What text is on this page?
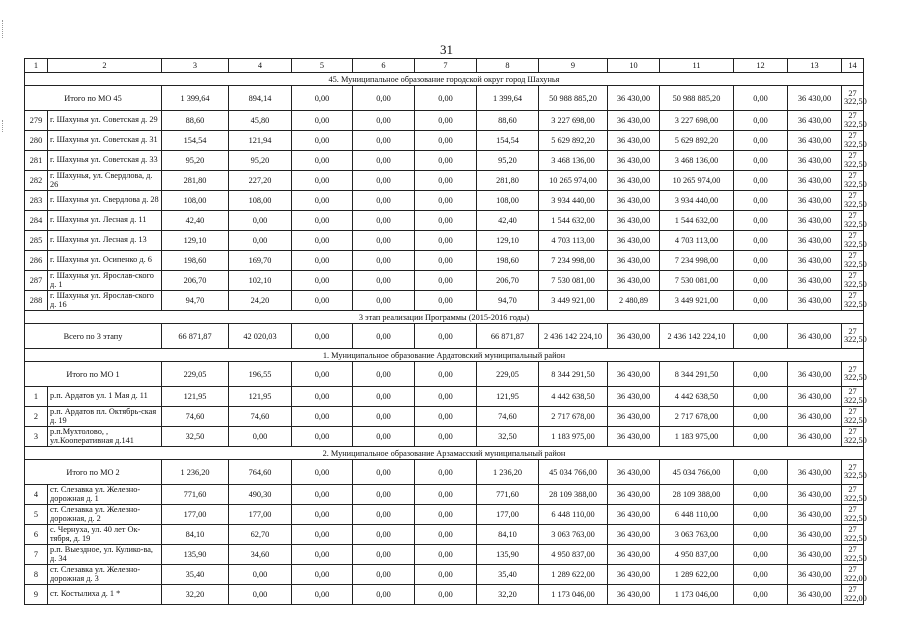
31
1	2	3	4	5	6	7	8	9	10	11	12	13	14
45. Муниципальное образование городской округ город Шахунья													
Итого по МО 45		1 399,64	894,14	0,00	0,00	0,00	1 399,64	50 988 885,20	36 430,00	50 988 885,20	0,00	36 430,00	27 322,50
279	г. Шахунья ул. Советская д. 29	88,60	45,80	0,00	0,00	0,00	88,60	3 227 698,00	36 430,00	3 227 698,00	0,00	36 430,00	27 322,50
280	г. Шахунья ул. Советская д. 31	154,54	121,94	0,00	0,00	0,00	154,54	5 629 892,20	36 430,00	5 629 892,20	0,00	36 430,00	27 322,50
281	г. Шахунья ул. Советская д. 33	95,20	95,20	0,00	0,00	0,00	95,20	3 468 136,00	36 430,00	3 468 136,00	0,00	36 430,00	27 322,50
282	г. Шахунья, ул. Свердлова, д. 26	281,80	227,20	0,00	0,00	0,00	281,80	10 265 974,00	36 430,00	10 265 974,00	0,00	36 430,00	27 322,50
283	г. Шахунья ул. Свердлова д. 28	108,00	108,00	0,00	0,00	0,00	108,00	3 934 440,00	36 430,00	3 934 440,00	0,00	36 430,00	27 322,50
284	г. Шахунья ул. Лесная д. 11	42,40	0,00	0,00	0,00	0,00	42,40	1 544 632,00	36 430,00	1 544 632,00	0,00	36 430,00	27 322,50
285	г. Шахунья ул. Лесная д. 13	129,10	0,00	0,00	0,00	0,00	129,10	4 703 113,00	36 430,00	4 703 113,00	0,00	36 430,00	27 322,50
286	г. Шахунья ул. Осипенко д. 6	198,60	169,70	0,00	0,00	0,00	198,60	7 234 998,00	36 430,00	7 234 998,00	0,00	36 430,00	27 322,50
287	г. Шахунья ул. Ярослав-ского д. 1	206,70	102,10	0,00	0,00	0,00	206,70	7 530 081,00	36 430,00	7 530 081,00	0,00	36 430,00	27 322,50
288	г. Шахунья ул. Ярослав-ского д. 16	94,70	24,20	0,00	0,00	0,00	94,70	3 449 921,00	2 480,89	3 449 921,00	0,00	36 430,00	27 322,50
3 этап реализации Программы (2015-2016 годы)													
Всего по 3 этапу		66 871,87	42 020,03	0,00	0,00	0,00	66 871,87	2 436 142 224,10	36 430,00	2 436 142 224,10	0,00	36 430,00	27 322,50
1. Муниципальное образование Ардатовский муниципальный район													
Итого по МО 1		229,05	196,55	0,00	0,00	0,00	229,05	8 344 291,50	36 430,00	8 344 291,50	0,00	36 430,00	27 322,50
1	р.п. Ардатов ул. 1 Мая д. 11	121,95	121,95	0,00	0,00	0,00	121,95	4 442 638,50	36 430,00	4 442 638,50	0,00	36 430,00	27 322,50
2	р.п. Ардатов пл. Октябрь-ская д. 19	74,60	74,60	0,00	0,00	0,00	74,60	2 717 678,00	36 430,00	2 717 678,00	0,00	36 430,00	27 322,50
3	р.п.Мухтолово, , ул.Кооперативная д.141	32,50	0,00	0,00	0,00	0,00	32,50	1 183 975,00	36 430,00	1 183 975,00	0,00	36 430,00	27 322,50
2. Муниципальное образование Арзамасский муниципальный район													
Итого по МО 2		1 236,20	764,60	0,00	0,00	0,00	1 236,20	45 034 766,00	36 430,00	45 034 766,00	0,00	36 430,00	27 322,50
4	ст. Слезавка ул. Железно-дорожная д. 1	771,60	490,30	0,00	0,00	0,00	771,60	28 109 388,00	36 430,00	28 109 388,00	0,00	36 430,00	27 322,50
5	ст. Слезавка ул. Железно-дорожная, д. 2	177,00	177,00	0,00	0,00	0,00	177,00	6 448 110,00	36 430,00	6 448 110,00	0,00	36 430,00	27 322,50
6	с. Чернуха, ул. 40 лет Ок-тября, д. 19	84,10	62,70	0,00	0,00	0,00	84,10	3 063 763,00	36 430,00	3 063 763,00	0,00	36 430,00	27 322,50
7	р.п. Выездное, ул. Кулико-ва, д. 34	135,90	34,60	0,00	0,00	0,00	135,90	4 950 837,00	36 430,00	4 950 837,00	0,00	36 430,00	27 322,50
8	ст. Слезавка ул. Железно-дорожная д. 3	35,40	0,00	0,00	0,00	0,00	35,40	1 289 622,00	36 430,00	1 289 622,00	0,00	36 430,00	27 322,00
9	ст. Костылиха д. 1 *	32,20	0,00	0,00	0,00	0,00	32,20	1 173 046,00	36 430,00	1 173 046,00	0,00	36 430,00	27 322,00
